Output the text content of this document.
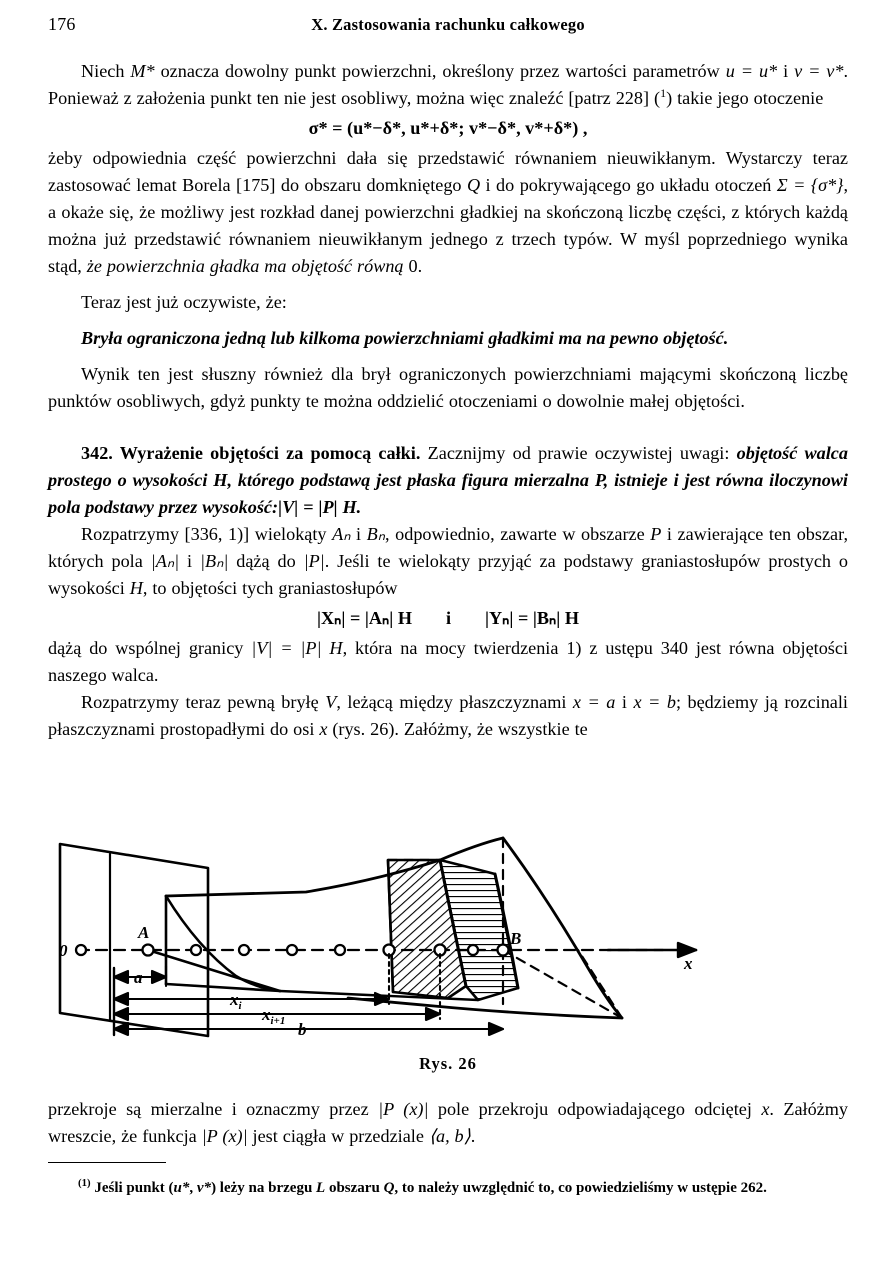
176	X. Zastosowania rachunku całkowego

Niech M* oznacza dowolny punkt powierzchni, określony przez wartości parametrów u = u* i v = v*. Ponieważ z założenia punkt ten nie jest osobliwy, można więc znaleźć [patrz 228] ($^1$) takie jego otoczenie

σ* = (u*−δ*, u*+δ*; v*−δ*, v*+δ*) ,

żeby odpowiednia część powierzchni dała się przedstawić równaniem nieuwikłanym. Wystarczy teraz zastosować lemat Borela [175] do obszaru domkniętego Q i do pokrywającego go układu otoczeń Σ = {σ*}, a okaże się, że możliwy jest rozkład danej powierzchni gładkiej na skończoną liczbę części, z których każdą można już przedstawić równaniem nieuwikłanym jednego z trzech typów. W myśl poprzedniego wynika stąd, że powierzchnia gładka ma objętość równą 0.

Teraz jest już oczywiste, że:

Bryła ograniczona jedną lub kilkoma powierzchniami gładkimi ma na pewno objętość.

Wynik ten jest słuszny również dla brył ograniczonych powierzchniami mającymi skończoną liczbę punktów osobliwych, gdyż punkty te można oddzielić otoczeniami o dowolnie małej objętości.

342. Wyrażenie objętości za pomocą całki. Zacznijmy od prawie oczywistej uwagi: objętość walca prostego o wysokości H, którego podstawą jest płaska figura mierzalna P, istnieje i jest równa iloczynowi pola podstawy przez wysokość:|V| = |P| H.

Rozpatrzymy [336, 1)] wielokąty Aₙ i Bₙ, odpowiednio, zawarte w obszarze P i zawierające ten obszar, których pola |Aₙ| i |Bₙ| dążą do |P|. Jeśli te wielokąty przyjąć za podstawy graniastosłupów prostych o wysokości H, to objętości tych graniastosłupów

|Xₙ| = |Aₙ| H i |Yₙ| = |Bₙ| H

dążą do wspólnej granicy |V| = |P| H, która na mocy twierdzenia 1) z ustępu 340 jest równa objętości naszego walca.

Rozpatrzymy teraz pewną bryłę V, leżącą między płaszczyznami x = a i x = b; będziemy ją rozcinali płaszczyznami prostopadłymi do osi x (rys. 26). Załóżmy, że wszystkie te

0
A	B
x
a
$x_i$ $x_{i+1}$ b
Rys. 26

przekroje są mierzalne i oznaczmy przez |P (x)| pole przekroju odpowiadającego odciętej x. Załóżmy wreszcie, że funkcja |P (x)| jest ciągła w przedziale ⟨a, b⟩.

$^{(1)}$ Jeśli punkt (u*, v*) leży na brzegu L obszaru Q, to należy uwzględnić to, co powiedzieliśmy w ustępie 262.
